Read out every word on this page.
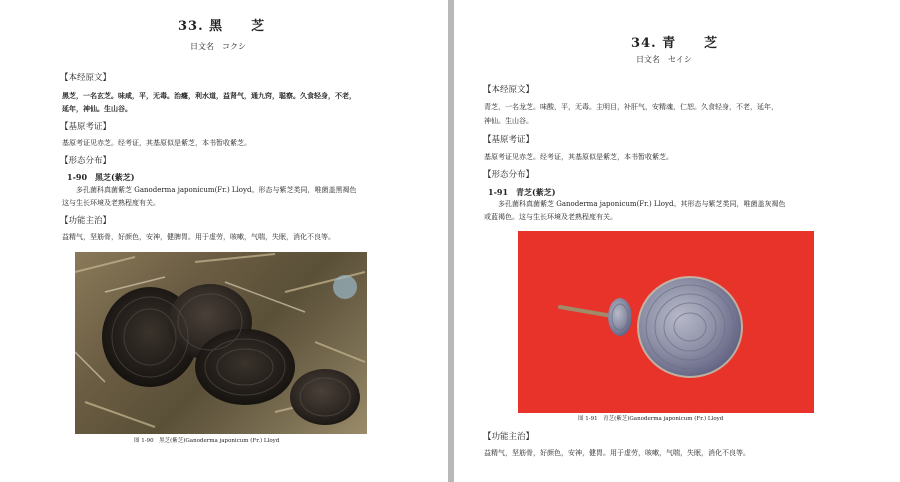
33. 黑　　芝
日文名　コクシ
【本经原文】
黑芝，一名玄芝。味咸，平，无毒。治癃，利水道，益肾气，通九窍，聪察。久食轻身，不老，
延年，神仙。生山谷。
【基原考证】
基原考证见赤芝。经考证，其基原似是紫芝，本书暂收紫芝。
【形态分布】
1-90　黑芝(紫芝)
多孔菌科真菌紫芝 Ganoderma japonicum(Fr.) Lloyd。形态与紫芝类同，唯菌盖黑褐色
这与生长环境及老熟程度有关。
【功能主治】
益精气，坚筋骨，好颜色，安神，健脾胃。用于虚劳，咳嗽，气喘，失眠，消化不良等。
图 1-90　黑芝(紫芝)Ganoderma japonicum (Fr.) Lloyd
34. 青　　芝
日文名　セイシ
【本经原文】
青芝，一名龙芝。味酸，平，无毒。主明目，补肝气，安精魂，仁恕。久食轻身，不老，延年，
神仙。生山谷。
【基原考证】
基原考证见赤芝。经考证，其基原似是紫芝，本书暂收紫芝。
【形态分布】
1-91　青芝(紫芝)
多孔菌科真菌紫芝 Ganoderma japonicum(Fr.) Lloyd。其形态与紫芝类同，唯菌盖灰褐色
或蓝褐色。这与生长环境及老熟程度有关。
图 1-91　青芝(紫芝)Ganoderma japonicum (Fr.) Lloyd
【功能主治】
益精气，坚筋骨，好颜色，安神，健胃。用于虚劳，咳嗽，气喘，失眠，消化不良等。
